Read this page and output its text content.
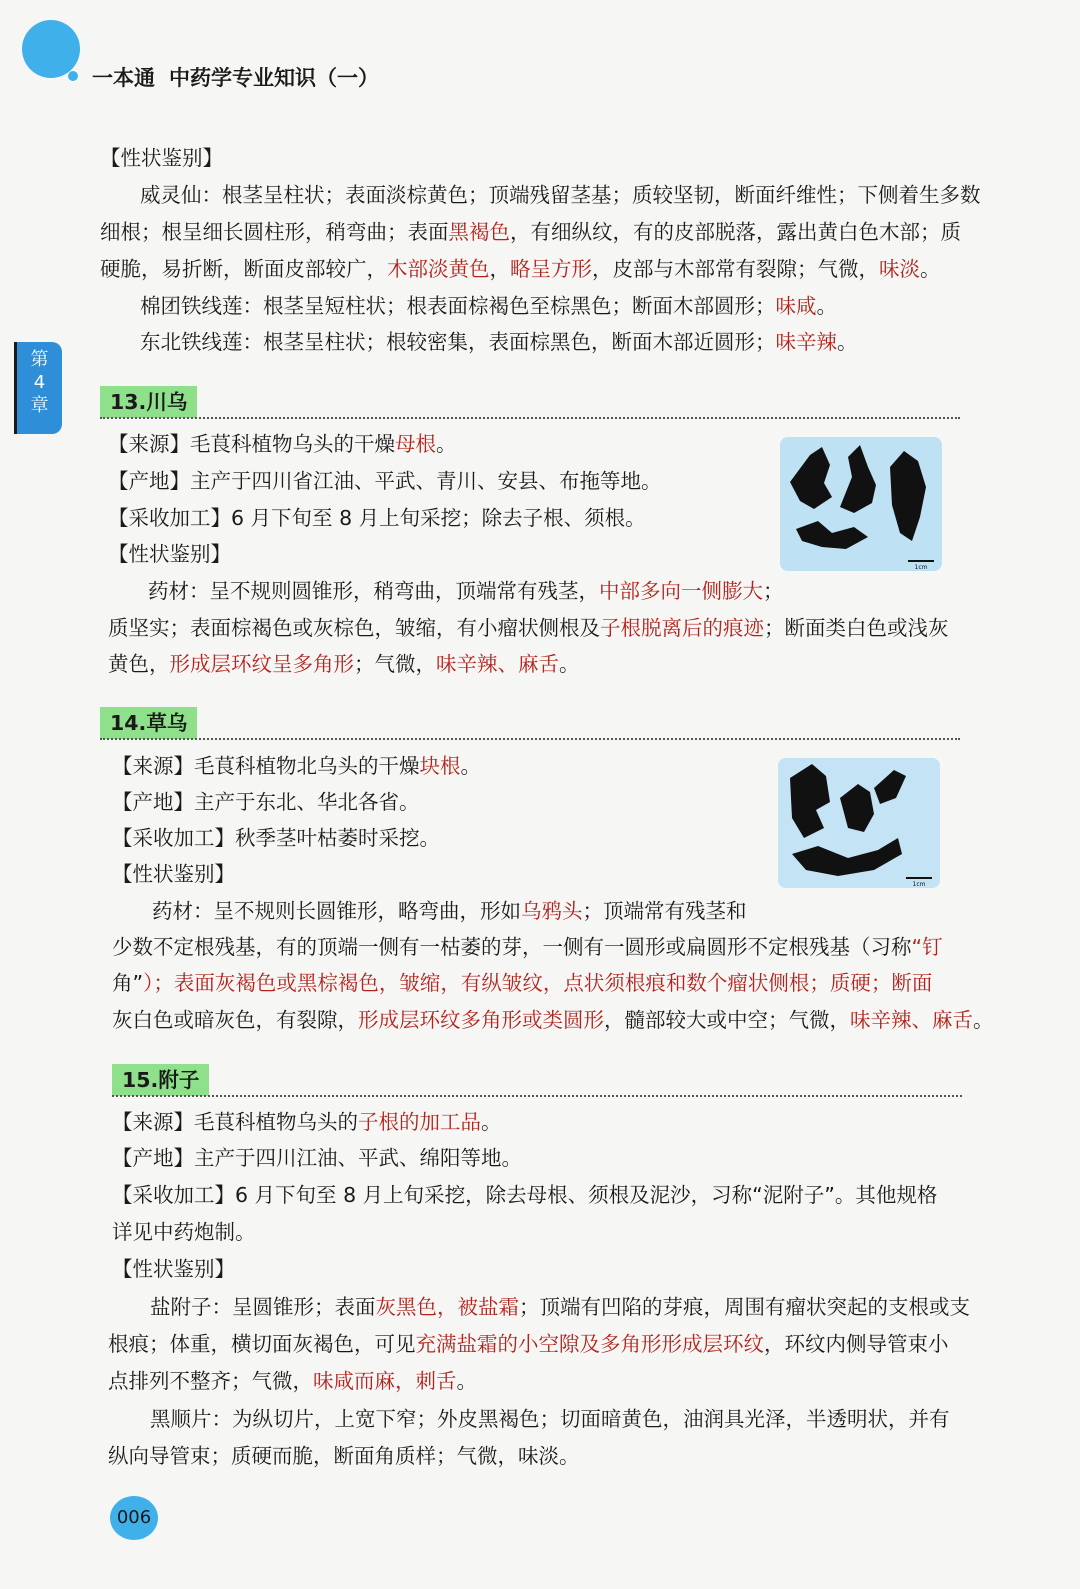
一本通 中药学专业知识（一）
第
4
章
【性状鉴别】
威灵仙：根茎呈柱状；表面淡棕黄色；顶端残留茎基；质较坚韧，断面纤维性；下侧着生多数
细根；根呈细长圆柱形，稍弯曲；表面黑褐色，有细纵纹，有的皮部脱落，露出黄白色木部；质
硬脆，易折断，断面皮部较广，木部淡黄色，略呈方形，皮部与木部常有裂隙；气微，味淡。
棉团铁线莲：根茎呈短柱状；根表面棕褐色至棕黑色；断面木部圆形；味咸。
东北铁线莲：根茎呈柱状；根较密集，表面棕黑色，断面木部近圆形；味辛辣。
13.川乌
【来源】毛茛科植物乌头的干燥母根。
【产地】主产于四川省江油、平武、青川、安县、布拖等地。
【采收加工】6 月下旬至 8 月上旬采挖；除去子根、须根。
【性状鉴别】
药材：呈不规则圆锥形，稍弯曲，顶端常有残茎，中部多向一侧膨大；
质坚实；表面棕褐色或灰棕色，皱缩，有小瘤状侧根及子根脱离后的痕迹；断面类白色或浅灰
黄色，形成层环纹呈多角形；气微，味辛辣、麻舌。
1cm
14.草乌
【来源】毛茛科植物北乌头的干燥块根。
【产地】主产于东北、华北各省。
【采收加工】秋季茎叶枯萎时采挖。
【性状鉴别】
药材：呈不规则长圆锥形，略弯曲，形如乌鸦头；顶端常有残茎和
少数不定根残基，有的顶端一侧有一枯萎的芽，一侧有一圆形或扁圆形不定根残基（习称“钉
角”）；表面灰褐色或黑棕褐色，皱缩，有纵皱纹，点状须根痕和数个瘤状侧根；质硬；断面
灰白色或暗灰色，有裂隙，形成层环纹多角形或类圆形，髓部较大或中空；气微，味辛辣、麻舌。
1cm
15.附子
【来源】毛茛科植物乌头的子根的加工品。
【产地】主产于四川江油、平武、绵阳等地。
【采收加工】6 月下旬至 8 月上旬采挖，除去母根、须根及泥沙，习称“泥附子”。其他规格
详见中药炮制。
【性状鉴别】
盐附子：呈圆锥形；表面灰黑色，被盐霜；顶端有凹陷的芽痕，周围有瘤状突起的支根或支
根痕；体重，横切面灰褐色，可见充满盐霜的小空隙及多角形形成层环纹，环纹内侧导管束小
点排列不整齐；气微，味咸而麻，刺舌。
黑顺片：为纵切片，上宽下窄；外皮黑褐色；切面暗黄色，油润具光泽，半透明状，并有
纵向导管束；质硬而脆，断面角质样；气微，味淡。
006
